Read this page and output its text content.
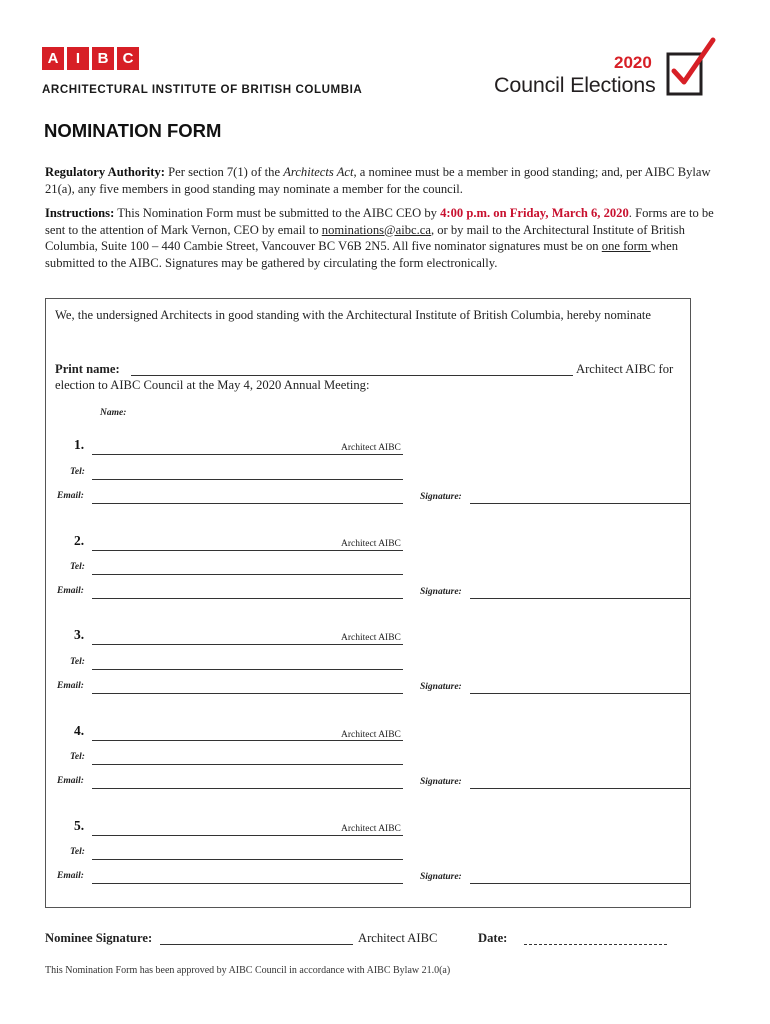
A	I	B C
ARCHITECTURAL INSTITUTE OF BRITISH COLUMBIA
2020
Council Elections
NOMINATION FORM
Regulatory Authority: Per section 7(1) of the Architects Act, a nominee must be a member in good standing; and, per AIBC Bylaw 21(a), any five members in good standing may nominate a member for the council.
Instructions: This Nomination Form must be submitted to the AIBC CEO by 4:00 p.m. on Friday, March 6, 2020. Forms are to be sent to the attention of Mark Vernon, CEO by email to nominations@aibc.ca, or by mail to the Architectural Institute of British Columbia, Suite 100 – 440 Cambie Street, Vancouver BC V6B 2N5. All five nominator signatures must be on one form when submitted to the AIBC. Signatures may be gathered by circulating the form electronically.
We, the undersigned Architects in good standing with the Architectural Institute of British Columbia, hereby nominate
Print name:	Architect AIBC for
election to AIBC Council at the May 4, 2020 Annual Meeting:
Name:
1.	Architect AIBC
Tel:
Email:	Signature:
2.	Architect AIBC
Tel:
Email:	Signature:
3.	Architect AIBC
Tel:
Email:	Signature:
4.	Architect AIBC
Tel:
Email:	Signature:
5.	Architect AIBC
Tel:
Email:	Signature:
Nominee Signature:	Architect AIBC	Date:
This Nomination Form has been approved by AIBC Council in accordance with AIBC Bylaw 21.0(a)
